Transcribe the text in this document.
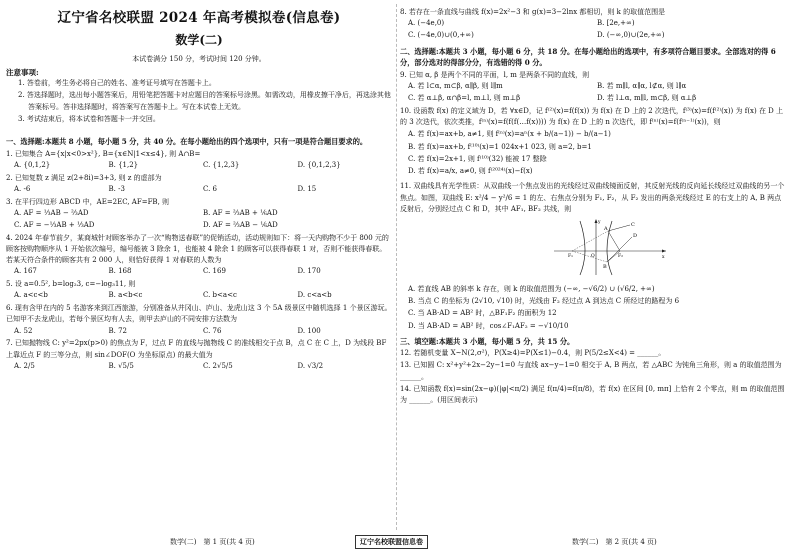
辽宁省名校联盟 2024 年高考模拟卷(信息卷)
数学(二)
本试卷满分 150 分，考试时间 120 分钟。
注意事项:
1. 答卷前，考生务必将自己的姓名、准考证号填写在答题卡上。
2. 答选择题时，选出每小题答案后，用铅笔把答题卡对应题目的答案标号涂黑。如需改动，用橡皮擦干净后，再选涂其他答案标号。答非选择题时，将答案写在答题卡上。写在本试卷上无效。
3. 考试结束后，将本试卷和答题卡一并交回。
一、选择题:本题共 8 小题，每小题 5 分，共 40 分。在每小题给出的四个选项中，只有一项是符合题目要求的。
1. 已知集合 A={x|x<0>x²}, B={x∈N|1<x≤4}, 则 A∩B=
A. {0,1,2}	B. {1,2}	C. {1,2,3}	D. {0,1,2,3}
2. 已知复数 z 满足 z(2+8i)=3+3, 则 z 的虚部为
A. -6	B. -3	C. 6	D. 15
3. 在平行四边形 ABCD 中，AE=2EC, AF=FB, 则
A. AF = ⅓AB − ⅔AD	B. AF = ⅔AB + ⅙AD
C. AF = −⅓AB + ⅓AD	D. AF = ⅔AB − ⅙AD
4. 2024 年春节前夕，某商城针对顾客举办了一次“购物送春联”的促销活动，活动规则如下：将一天内购物不少于 800 元的顾客按购物顺序从 1 开始依次编号，编号能被 3 除余 1，也能被 4 除余 1 的顾客可以获得春联 1 对，否则不能获得春联。若某天符合条件的顾客共有 2 000 人，则恰好获得 1 对春联的人数为
A. 167	B. 168	C. 169	D. 170
5. 设 a=0.5², b=log₂3, c=−log₃11, 则
A. a<c<b	B. a<b<c	C. b<a<c	D. c<a<b
6. 现有含甲在内的 5 名游客来到江西旅游，分别准备从井冈山、庐山、龙虎山这 3 个 5A 级景区中随机选择 1 个景区游玩。已知甲不去龙虎山，若每个景区均有人去，则甲去庐山的不同安排方法数为
A. 52	B. 72	C. 76	D. 100
7. 已知抛物线 C: y²=2px(p>0) 的焦点为 F，过点 F 的直线与抛物线 C 的准线相交于点 B，点 C 在 C 上，D 为线段 BF 上靠近点 F 的三等分点，则 sin∠DOF(O 为坐标原点) 的最大值为
A. 2/5	B. √5/5	C. 2√5/5	D. √3/2
8. 若存在一条直线与曲线 f(x)=2x²−3 和 g(x)=3−2lnx 都相切，则 k 的取值范围是
A. (−4e,0)	B. [2e,+∞)
C. (−4e,0)∪(0,+∞)	D. (−∞,0)∪(2e,+∞)
二、选择题:本题共 3 小题，每小题 6 分，共 18 分。在每小题给出的选项中，有多项符合题目要求。全部选对的得 6 分，部分选对的得部分分，有选错的得 0 分。
9. 已知 α, β 是两个不同的平面，l, m 是两条不同的直线，则
A. 若 l⊂α, m⊂β, α∥β, 则 l∥m	B. 若 m∥l, α∥α, l⊄α, 则 l∥α
C. 若 α⊥β, α∩β=l, m⊥l, 则 m⊥β	D. 若 l⊥α, m∥l, m⊂β, 则 α⊥β
10. 设函数 f(x) 的定义域为 D，若 ∀x∈D，记 f⁽²⁾(x)=f(f(x)) 为 f(x) 在 D 上的 2 次迭代，f⁽³⁾(x)=f(f⁽²⁾(x)) 为 f(x) 在 D 上的 3 次迭代，依次类推，f⁽ⁿ⁾(x)=f(f(f(…f(x)))) 为 f(x) 在 D 上的 n 次迭代，即 f⁽ⁿ⁾(x)=f(f⁽ⁿ⁻¹⁾(x))，则
A. 若 f(x)=ax+b, a≠1, 则 f⁽ⁿ⁾(x)=aⁿ(x + b/(a−1)) − b/(a−1)
B. 若 f(x)=ax+b, f⁽¹⁰⁾(x)=1 024x+1 023, 则 a=2, b=1
C. 若 f(x)=2x+1, 则 f⁽¹⁰⁾(32) 能被 17 整除
D. 若 f(x)=a/x, a≠0, 则 f⁽²⁰²⁴⁾(x)−f(x)
11. 双曲线具有光学性质：从双曲线一个焦点发出的光线经过双曲线镜面反射，其反射光线的反向延长线经过双曲线的另一个焦点。如图，双曲线 E: x²/4 − y²/6 = 1 的左、右焦点分别为 F₁, F₂，从 F₂ 发出的两条光线经过 E 的右支上的 A, B 两点反射后，分别经过点 C 和 D，其中 AF₁, BF₂ 共线，则
C
A
D
B
F₁	F₂
O	x
y
A. 若直线 AB 的斜率 k 存在，则 k 的取值范围为 (−∞, −√6/2) ∪ (√6/2, +∞)
B. 当点 C 的坐标为 (2√10, √10) 时，光线由 F₂ 经过点 A 到达点 C 所经过的路程为 6
C. 当 AB·AD = AB² 时，△BF₁F₂ 的面积为 12
D. 当 AB·AD = AB² 时，cos∠F₁AF₂ = −√10/10
三、填空题:本题共 3 小题，每小题 5 分，共 15 分。
12. 若随机变量 X~N(2,σ²)，P(X≥4)=P(X≤1)−0.4，则 P(5/2≤X<4) = ______。
13. 已知圆 C: x²+y²+2x−2y−1=0 与直线 ax−y−1=0 相交于 A, B 两点，若 △ABC 为钝角三角形，则 a 的取值范围为 ______。
14. 已知函数 f(x)=sin(2x−φ)(|φ|<π/2) 满足 f(π/4)=f(π/8)，若 f(x) 在区间 [0, mπ] 上恰有 2 个零点，则 m 的取值范围为 ______。(用区间表示)
数学(二)　第 1 页(共 4 页)	辽宁名校联盟信息卷	数学(二)　第 2 页(共 4 页)
